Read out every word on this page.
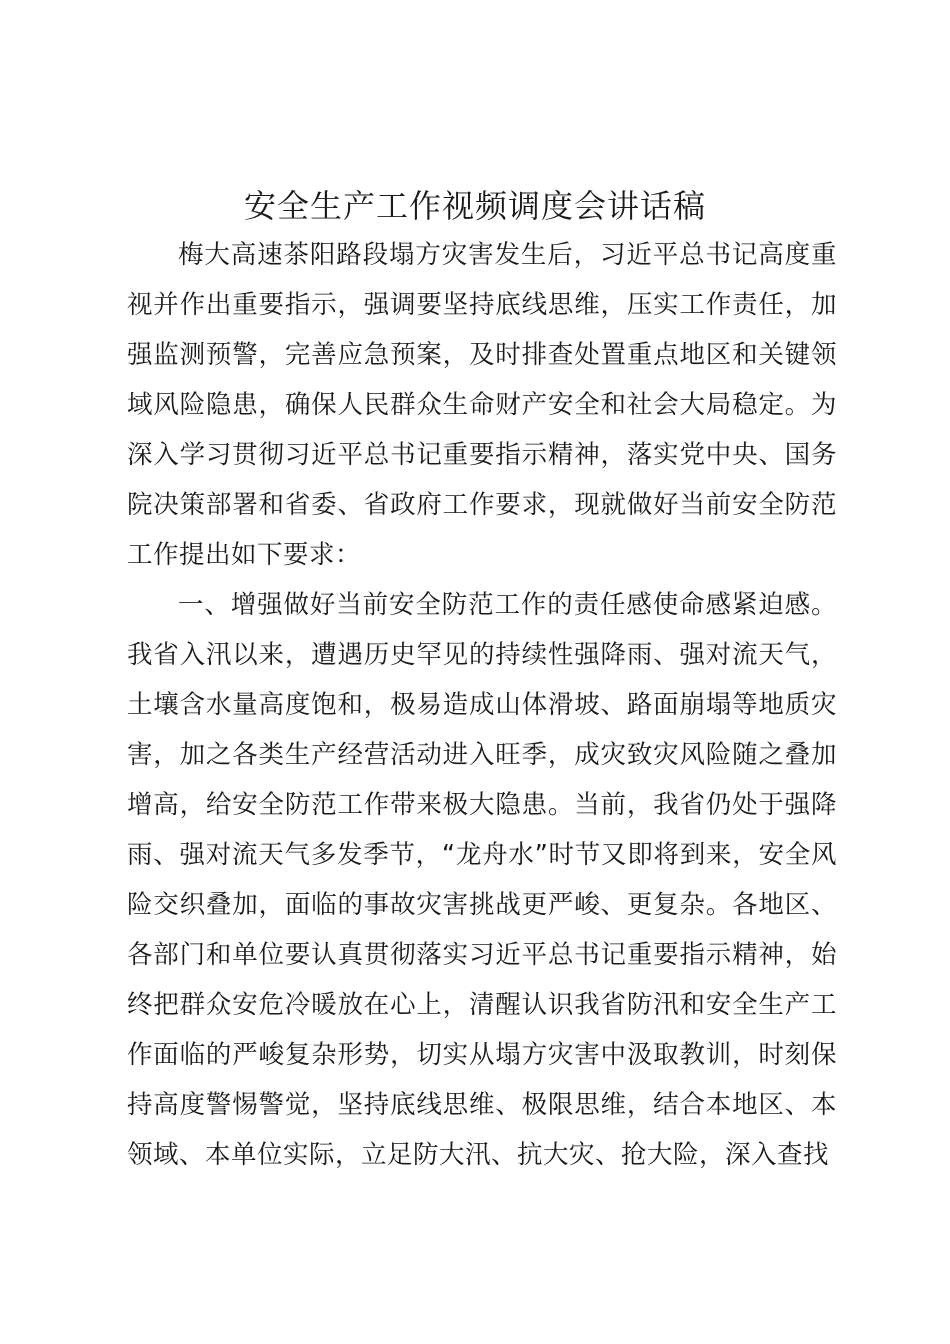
安全生产工作视频调度会讲话稿

梅大高速茶阳路段塌方灾害发生后，习近平总书记高度重视并作出重要指示，强调要坚持底线思维，压实工作责任，加强监测预警，完善应急预案，及时排查处置重点地区和关键领域风险隐患，确保人民群众生命财产安全和社会大局稳定。为深入学习贯彻习近平总书记重要指示精神，落实党中央、国务院决策部署和省委、省政府工作要求，现就做好当前安全防范工作提出如下要求：

一、增强做好当前安全防范工作的责任感使命感紧迫感。我省入汛以来，遭遇历史罕见的持续性强降雨、强对流天气，土壤含水量高度饱和，极易造成山体滑坡、路面崩塌等地质灾害，加之各类生产经营活动进入旺季，成灾致灾风险随之叠加增高，给安全防范工作带来极大隐患。当前，我省仍处于强降雨、强对流天气多发季节，“龙舟水”时节又即将到来，安全风险交织叠加，面临的事故灾害挑战更严峻、更复杂。各地区、各部门和单位要认真贯彻落实习近平总书记重要指示精神，始终把群众安危冷暖放在心上，清醒认识我省防汛和安全生产工作面临的严峻复杂形势，切实从塌方灾害中汲取教训，时刻保持高度警惕警觉，坚持底线思维、极限思维，结合本地区、本领域、本单位实际，立足防大汛、抗大灾、抢大险，深入查找
